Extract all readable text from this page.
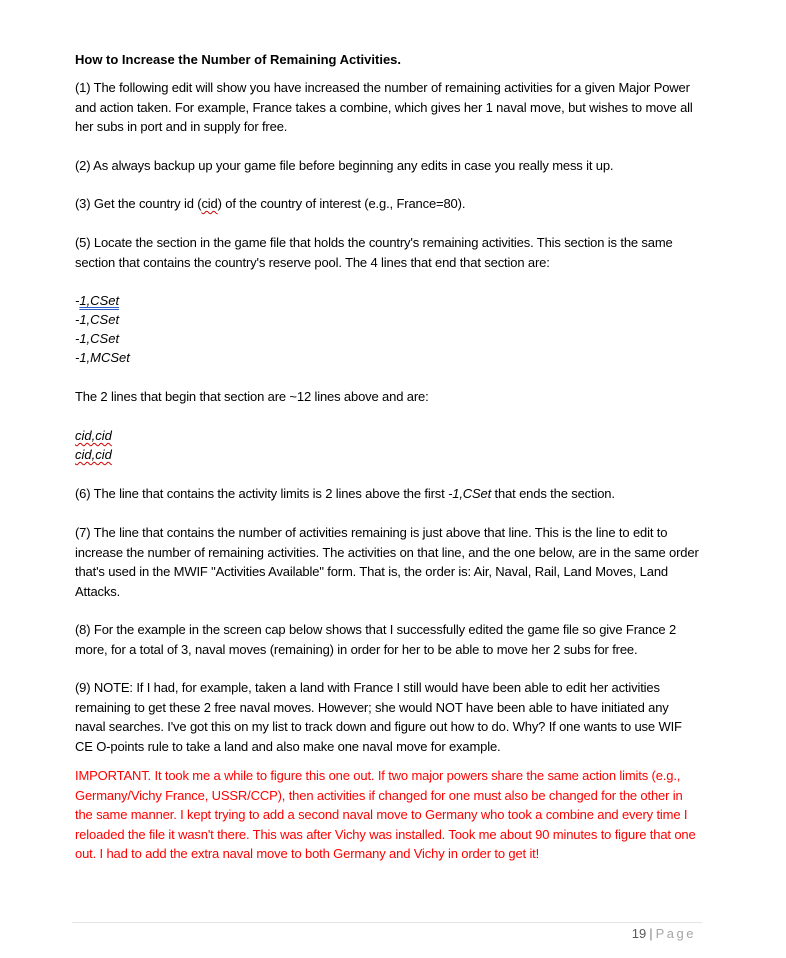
How to Increase the Number of Remaining Activities.
(1) The following edit will show you have increased the number of remaining activities for a given Major Power and action taken. For example, France takes a combine, which gives her 1 naval move, but wishes to move all her subs in port and in supply for free.
(2) As always backup up your game file before beginning any edits in case you really mess it up.
(3) Get the country id (cid) of the country of interest (e.g., France=80).
(5) Locate the section in the game file that holds the country's remaining activities. This section is the same section that contains the country's reserve pool. The 4 lines that end that section are:
-1,CSet
-1,CSet
-1,CSet
-1,MCSet
The 2 lines that begin that section are ~12 lines above and are:
cid,cid
cid,cid
(6) The line that contains the activity limits is 2 lines above the first -1,CSet that ends the section.
(7) The line that contains the number of activities remaining is just above that line. This is the line to edit to increase the number of remaining activities. The activities on that line, and the one below, are in the same order that's used in the MWIF "Activities Available" form. That is, the order is: Air, Naval, Rail, Land Moves, Land Attacks.
(8) For the example in the screen cap below shows that I successfully edited the game file so give France 2 more, for a total of 3, naval moves (remaining) in order for her to be able to move her 2 subs for free.
(9) NOTE: If I had, for example, taken a land with France I still would have been able to edit her activities remaining to get these 2 free naval moves. However; she would NOT have been able to have initiated any naval searches. I've got this on my list to track down and figure out how to do. Why? If one wants to use WIF CE O-points rule to take a land and also make one naval move for example.
IMPORTANT. It took me a while to figure this one out. If two major powers share the same action limits (e.g., Germany/Vichy France, USSR/CCP), then activities if changed for one must also be changed for the other in the same manner. I kept trying to add a second naval move to Germany who took a combine and every time I reloaded the file it wasn't there. This was after Vichy was installed. Took me about 90 minutes to figure that one out. I had to add the extra naval move to both Germany and Vichy in order to get it!
19 | Page
